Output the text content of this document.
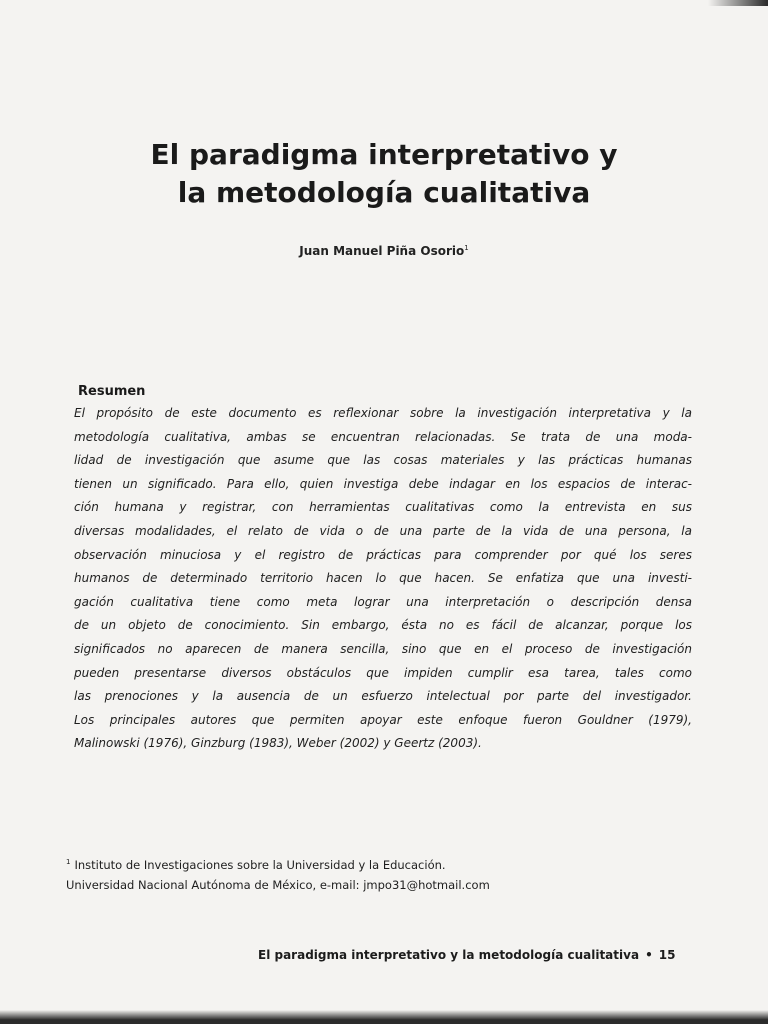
El paradigma interpretativo y
la metodología cualitativa
Juan Manuel Piña Osorio$^1$
Resumen
El propósito de este documento es reflexionar sobre la investigación interpretativa y la
metodología cualitativa, ambas se encuentran relacionadas. Se trata de una moda-
lidad de investigación que asume que las cosas materiales y las prácticas humanas
tienen un significado. Para ello, quien investiga debe indagar en los espacios de interac-
ción humana y registrar, con herramientas cualitativas como la entrevista en sus
diversas modalidades, el relato de vida o de una parte de la vida de una persona, la
observación minuciosa y el registro de prácticas para comprender por qué los seres
humanos de determinado territorio hacen lo que hacen. Se enfatiza que una investi-
gación cualitativa tiene como meta lograr una interpretación o descripción densa
de un objeto de conocimiento. Sin embargo, ésta no es fácil de alcanzar, porque los
significados no aparecen de manera sencilla, sino que en el proceso de investigación
pueden presentarse diversos obstáculos que impiden cumplir esa tarea, tales como
las prenociones y la ausencia de un esfuerzo intelectual por parte del investigador.
Los principales autores que permiten apoyar este enfoque fueron Gouldner (1979),
Malinowski (1976), Ginzburg (1983), Weber (2002) y Geertz (2003).
$^1$ Instituto de Investigaciones sobre la Universidad y la Educación.
Universidad Nacional Autónoma de México, e-mail: jmpo31@hotmail.com
El paradigma interpretativo y la metodología cualitativa • 15
